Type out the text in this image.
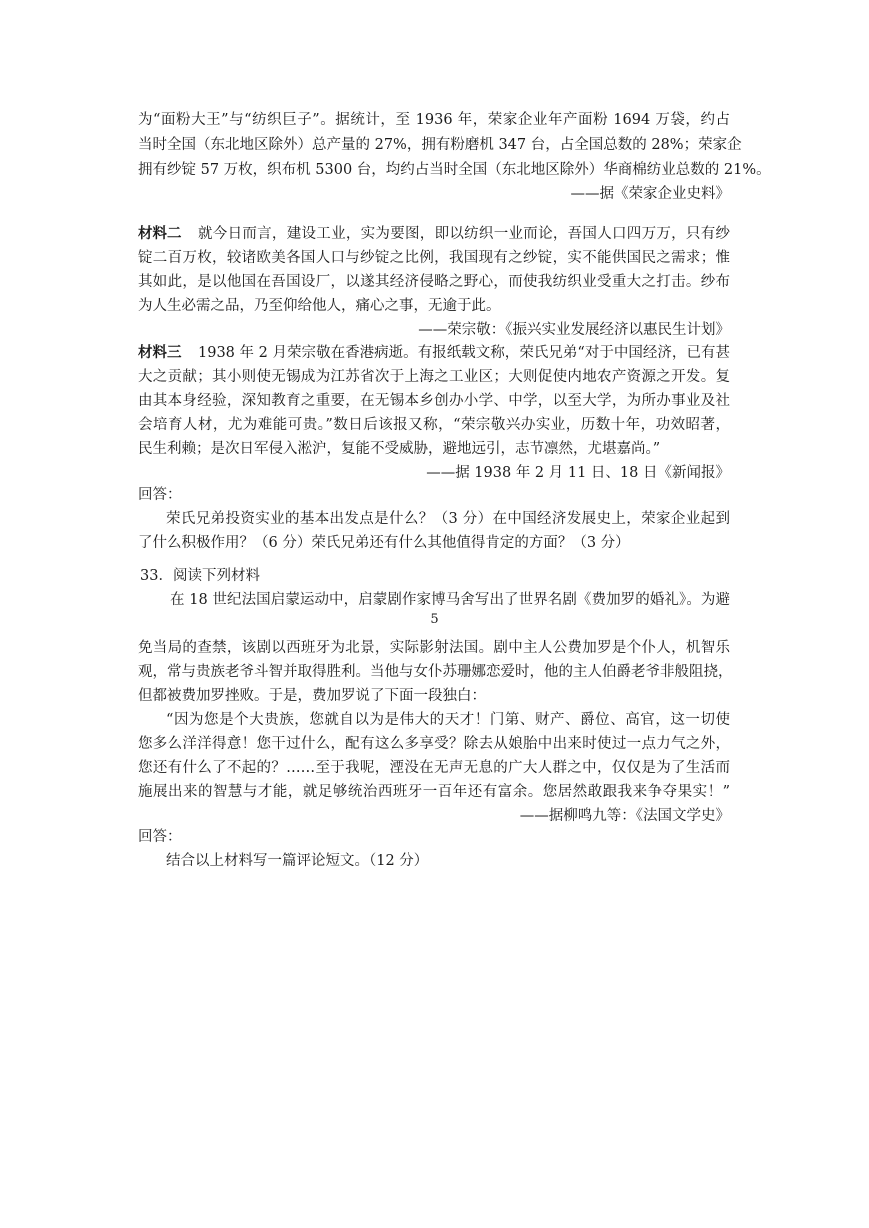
为“面粉大王”与“纺织巨子”。据统计，至 1936 年，荣家企业年产面粉 1694 万袋，约占
当时全国（东北地区除外）总产量的 27%，拥有粉磨机 347 台，占全国总数的 28%；荣家企
拥有纱锭 57 万枚，织布机 5300 台，均约占当时全国（东北地区除外）华商棉纺业总数的 21%。
——据《荣家企业史料》
材料二	就今日而言，建设工业，实为要图，即以纺织一业而论，吾国人口四万万，只有纱
锭二百万枚，较诸欧美各国人口与纱锭之比例，我国现有之纱锭，实不能供国民之需求；惟
其如此，是以他国在吾国设厂，以遂其经济侵略之野心，而使我纺织业受重大之打击。纱布
为人生必需之品，乃至仰给他人，痛心之事，无逾于此。
——荣宗敬：《振兴实业发展经济以惠民生计划》
材料三	1938 年 2 月荣宗敬在香港病逝。有报纸载文称，荣氏兄弟“对于中国经济，已有甚
大之贡献；其小则使无锡成为江苏省次于上海之工业区；大则促使内地农产资源之开发。复
由其本身经验，深知教育之重要，在无锡本乡创办小学、中学，以至大学，为所办事业及社
会培育人材，尤为难能可贵。”数日后该报又称，“荣宗敬兴办实业，历数十年，功效昭著，
民生利赖；是次日军侵入淞沪，复能不受威胁，避地远引，志节凛然，尤堪嘉尚。”
——据 1938 年 2 月 11 日、18 日《新闻报》
回答：
荣氏兄弟投资实业的基本出发点是什么？（3 分）在中国经济发展史上，荣家企业起到
了什么积极作用？（6 分）荣氏兄弟还有什么其他值得肯定的方面？（3 分）
33．阅读下列材料
在 18 世纪法国启蒙运动中，启蒙剧作家博马舍写出了世界名剧《费加罗的婚礼》。为避
5
免当局的查禁，该剧以西班牙为北景，实际影射法国。剧中主人公费加罗是个仆人，机智乐
观，常与贵族老爷斗智并取得胜利。当他与女仆苏珊娜恋爱时，他的主人伯爵老爷非般阻挠，
但都被费加罗挫败。于是，费加罗说了下面一段独白：
“因为您是个大贵族，您就自以为是伟大的天才！门第、财产、爵位、高官，这一切使
您多么洋洋得意！您干过什么，配有这么多享受？除去从娘胎中出来时使过一点力气之外，
您还有什么了不起的？……至于我呢，湮没在无声无息的广大人群之中，仅仅是为了生活而
施展出来的智慧与才能，就足够统治西班牙一百年还有富余。您居然敢跟我来争夺果实！”
——据柳鸣九等：《法国文学史》
回答：
结合以上材料写一篇评论短文。（12 分）
